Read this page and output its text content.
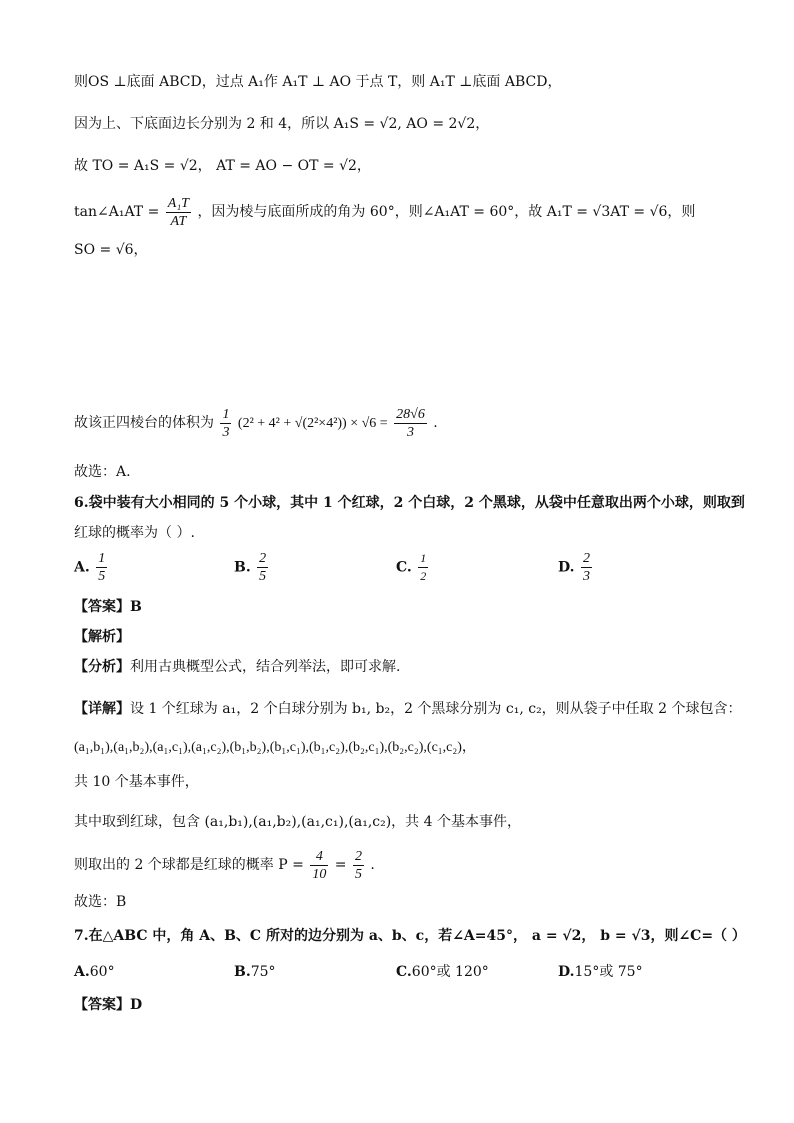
则OS ⊥底面 ABCD，过点 A₁作 A₁T ⊥ AO 于点 T，则 A₁T ⊥底面 ABCD，
因为上、下底面边长分别为 2 和 4，所以 A₁S = √2, AO = 2√2，
故 TO = A₁S = √2， AT = AO − OT = √2，
tan∠A₁AT = $\frac{\text{A₁T}}{AT}$ ，因为棱与底面所成的角为 60°，则∠A₁AT = 60°，故 A₁T = √3AT = √6，则
SO = √6，
故该正四棱台的体积为 $\frac{1}{3} (2^2 + 4^2 + √(2^2\times 4^2)) \times √6 = \frac{28√6}{3}$ .
故选：A.
6.袋中装有大小相同的 5 个小球，其中 1 个红球，2 个白球，2 个黑球，从袋中任意取出两个小球，则取到
红球的概率为（ ）.
A. $\frac{1}{5}$	B. $\frac{2}{5}$	C. $\frac{1}{2}$	D. $\frac{2}{3}$
【答案】B
【解析】
【分析】利用古典概型公式，结合列举法，即可求解.
【详解】设 1 个红球为 a₁，2 个白球分别为 b₁, b₂，2 个黑球分别为 c₁, c₂，则从袋子中任取 2 个球包含：
(a₁,b₁),(a₁,b₂),(a₁,c₁),(a₁,c₂),(b₁,b₂),(b₁,c₁),(b₁,c₂),(b₂,c₁),(b₂,c₂),(c₁,c₂)，
共 10 个基本事件，
其中取到红球，包含 (a₁,b₁),(a₁,b₂),(a₁,c₁),(a₁,c₂)，共 4 个基本事件，
则取出的 2 个球都是红球的概率 $P = \frac{4}{10} = \frac{2}{5}$ .
故选：B
7.在△ABC 中，角 A、B、C 所对的边分别为 a、b、c，若∠A=45°， a = √2， b = √3，则∠C=（ ）
A.60°	B.75°	C.60°或 120°	D.15°或 75°
【答案】D
